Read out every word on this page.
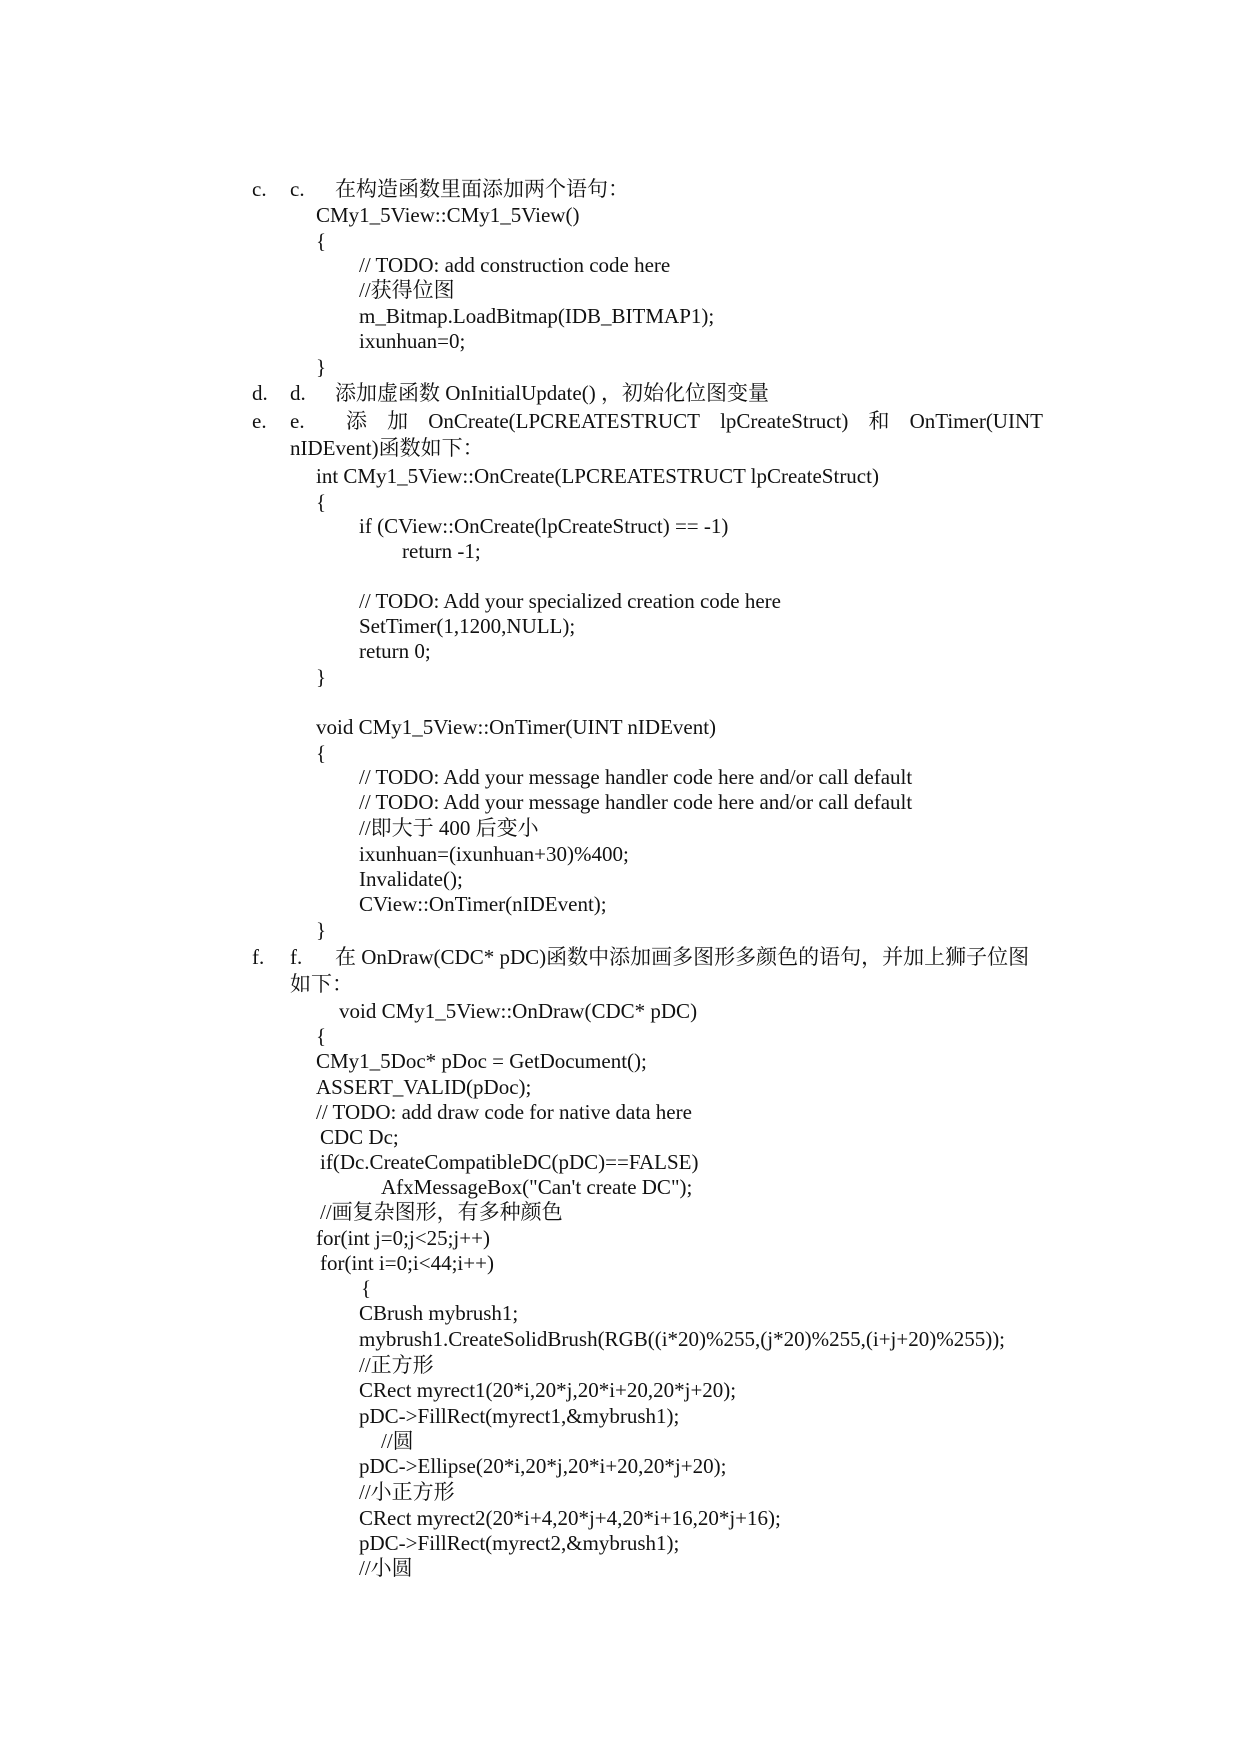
c. c. 在构造函数里面添加两个语句：
CMy1_5View::CMy1_5View()
{
// TODO: add construction code here
//获得位图
m_Bitmap.LoadBitmap(IDB_BITMAP1);
ixunhuan=0;
}
d. d. 添加虚函数 OnInitialUpdate() ，初始化位图变量
e. e. 添 加 OnCreate(LPCREATESTRUCT lpCreateStruct) 和 OnTimer(UINT
nIDEvent)函数如下：
int CMy1_5View::OnCreate(LPCREATESTRUCT lpCreateStruct)
{
if (CView::OnCreate(lpCreateStruct) == -1)
return -1;
// TODO: Add your specialized creation code here
SetTimer(1,1200,NULL);
return 0;
}
void CMy1_5View::OnTimer(UINT nIDEvent)
{
// TODO: Add your message handler code here and/or call default
// TODO: Add your message handler code here and/or call default
//即大于 400 后变小
ixunhuan=(ixunhuan+30)%400;
Invalidate();
CView::OnTimer(nIDEvent);
}
f. f. 在 OnDraw(CDC* pDC)函数中添加画多图形多颜色的语句，并加上狮子位图
如下：
void CMy1_5View::OnDraw(CDC* pDC)
{
CMy1_5Doc* pDoc = GetDocument();
ASSERT_VALID(pDoc);
// TODO: add draw code for native data here
CDC Dc;
if(Dc.CreateCompatibleDC(pDC)==FALSE)
AfxMessageBox("Can't create DC");
//画复杂图形，有多种颜色
for(int j=0;j<25;j++)
for(int i=0;i<44;i++)
{
CBrush mybrush1;
mybrush1.CreateSolidBrush(RGB((i*20)%255,(j*20)%255,(i+j+20)%255));
//正方形
CRect myrect1(20*i,20*j,20*i+20,20*j+20);
pDC->FillRect(myrect1,&mybrush1);
//圆
pDC->Ellipse(20*i,20*j,20*i+20,20*j+20);
//小正方形
CRect myrect2(20*i+4,20*j+4,20*i+16,20*j+16);
pDC->FillRect(myrect2,&mybrush1);
//小圆
